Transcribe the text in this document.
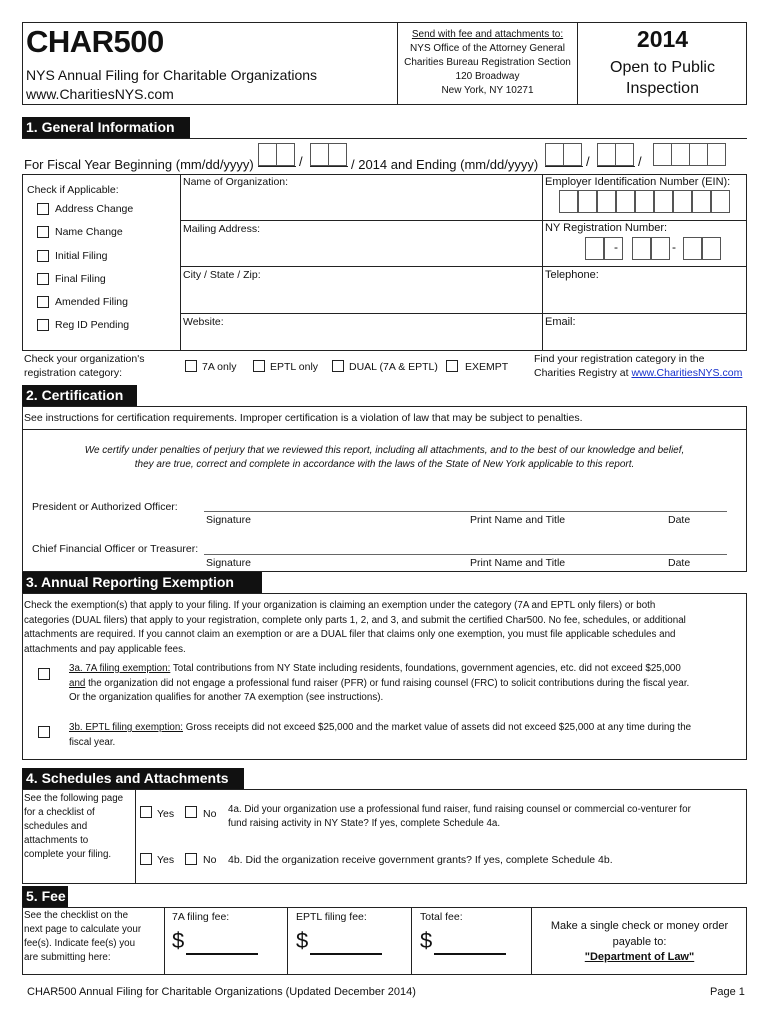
CHAR500
NYS Annual Filing for Charitable Organizations
www.CharitiesNYS.com
Send with fee and attachments to:
NYS Office of the Attorney General
Charities Bureau Registration Section
120 Broadway
New York, NY 10271
2014
Open to Public
Inspection
1. General Information
For Fiscal Year Beginning (mm/dd/yyyy)	/	/ 2014 and Ending (mm/dd/yyyy)	/	/
Check if Applicable:
Address Change
Name Change
Initial Filing
Final Filing
Amended Filing
Reg ID Pending
Name of Organization:	Employer Identification Number (EIN):
Mailing Address:	NY Registration Number:
-	-
City / State / Zip:	Telephone:
Website:	Email:
Check your organization's
registration category:	7A only	EPTL only	DUAL (7A & EPTL)	EXEMPT
Find your registration category in the
Charities Registry at www.CharitiesNYS.com
2. Certification
See instructions for certification requirements. Improper certification is a violation of law that may be subject to penalties.
We certify under penalties of perjury that we reviewed this report, including all attachments, and to the best of our knowledge and belief,
they are true, correct and complete in accordance with the laws of the State of New York applicable to this report.
President or Authorized Officer:
Signature	Print Name and Title	Date
Chief Financial Officer or Treasurer:
Signature	Print Name and Title	Date
3. Annual Reporting Exemption
Check the exemption(s) that apply to your filing. If your organization is claiming an exemption under the category (7A and EPTL only filers) or both
categories (DUAL filers) that apply to your registration, complete only parts 1, 2, and 3, and submit the certified Char500. No fee, schedules, or additional
attachments are required. If you cannot claim an exemption or are a DUAL filer that claims only one exemption, you must file applicable schedules and
attachments and pay applicable fees.
3a. 7A filing exemption: Total contributions from NY State including residents, foundations, government agencies, etc. did not exceed $25,000
and the organization did not engage a professional fund raiser (PFR) or fund raising counsel (FRC) to solicit contributions during the fiscal year.
Or the organization qualifies for another 7A exemption (see instructions).
3b. EPTL filing exemption: Gross receipts did not exceed $25,000 and the market value of assets did not exceed $25,000 at any time during the
fiscal year.
4. Schedules and Attachments
See the following page
for a checklist of
schedules and
attachments to
complete your filing.
Yes	No 4a. Did your organization use a professional fund raiser, fund raising counsel or commercial co-venturer for
fund raising activity in NY State? If yes, complete Schedule 4a.
Yes	No 4b. Did the organization receive government grants? If yes, complete Schedule 4b.
5. Fee
See the checklist on the
next page to calculate your
fee(s). Indicate fee(s) you
are submitting here:
7A filing fee:
$
EPTL filing fee:
$
Total fee:
$
Make a single check or money order
payable to:
"Department of Law"
CHAR500 Annual Filing for Charitable Organizations (Updated December 2014)	Page 1
